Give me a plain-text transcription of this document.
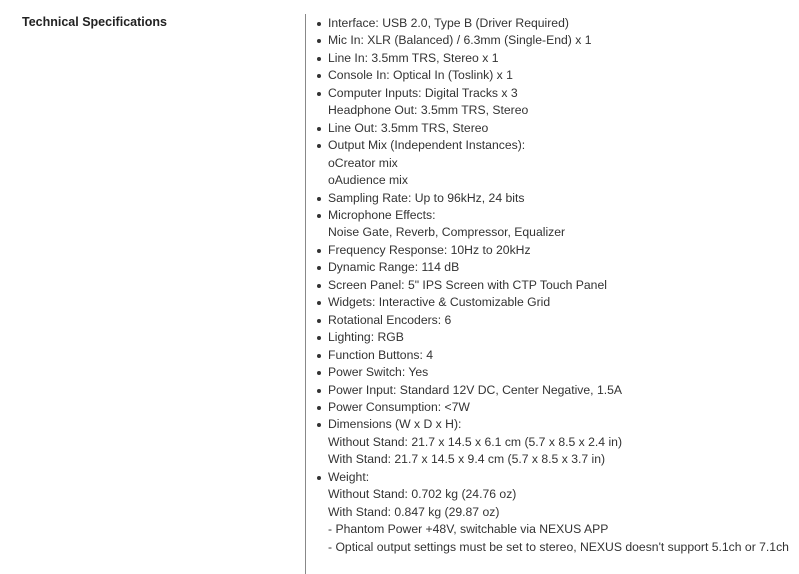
Technical Specifications	Interface: USB 2.0, Type B (Driver Required)
Mic In: XLR (Balanced) / 6.3mm (Single-End) x 1
Line In: 3.5mm TRS, Stereo x 1
Console In: Optical In (Toslink) x 1
Computer Inputs: Digital Tracks x 3
Headphone Out: 3.5mm TRS, Stereo
Line Out: 3.5mm TRS, Stereo
Output Mix (Independent Instances):
oCreator mix
oAudience mix
Sampling Rate: Up to 96kHz, 24 bits
Microphone Effects:
Noise Gate, Reverb, Compressor, Equalizer
Frequency Response: 10Hz to 20kHz
Dynamic Range: 114 dB
Screen Panel: 5" IPS Screen with CTP Touch Panel
Widgets: Interactive & Customizable Grid
Rotational Encoders: 6
Lighting: RGB
Function Buttons: 4
Power Switch: Yes
Power Input: Standard 12V DC, Center Negative, 1.5A
Power Consumption: <7W
Dimensions (W x D x H):
Without Stand: 21.7 x 14.5 x 6.1 cm (5.7 x 8.5 x 2.4 in)
With Stand: 21.7 x 14.5 x 9.4 cm (5.7 x 8.5 x 3.7 in)
Weight:
Without Stand: 0.702 kg (24.76 oz)
With Stand: 0.847 kg (29.87 oz)
- Phantom Power +48V, switchable via NEXUS APP
- Optical output settings must be set to stereo, NEXUS doesn't support 5.1ch or 7.1ch
